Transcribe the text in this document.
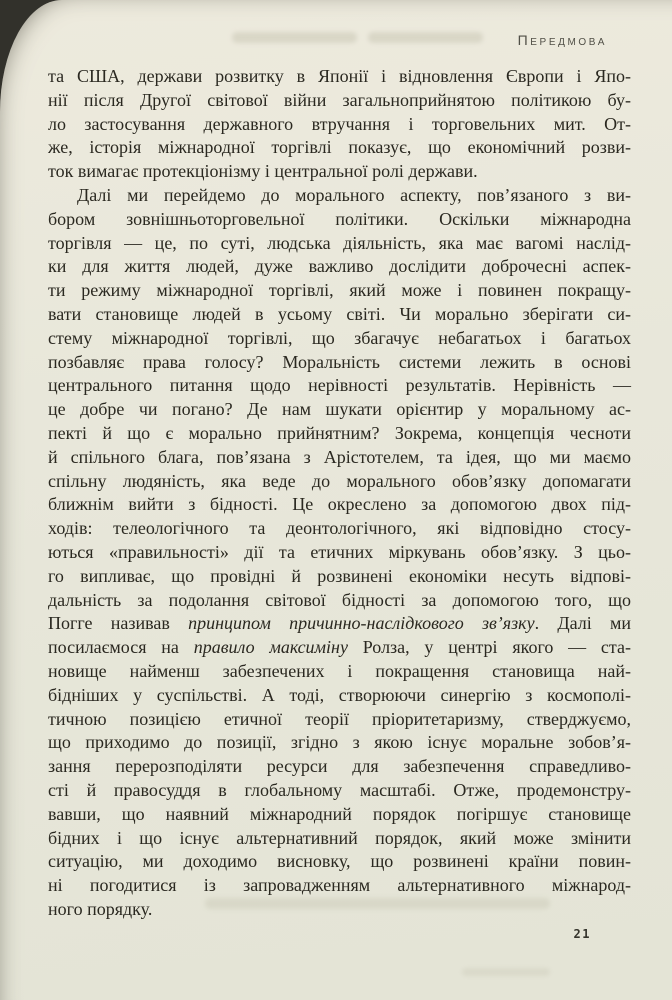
Передмова
та США, держави розвитку в Японії і відновлення Європи і Япо-
нії після Другої світової війни загальноприйнятою політикою бу-
ло застосування державного втручання і торговельних мит. От-
же, історія міжнародної торгівлі показує, що економічний розви-
ток вимагає протекціонізму і центральної ролі держави.
Далі ми перейдемо до морального аспекту, пов’язаного з ви-
бором зовнішньоторговельної політики. Оскільки міжнародна
торгівля — це, по суті, людська діяльність, яка має вагомі наслід-
ки для життя людей, дуже важливо дослідити доброчесні аспек-
ти режиму міжнародної торгівлі, який може і повинен покращу-
вати становище людей в усьому світі. Чи морально зберігати си-
стему міжнародної торгівлі, що збагачує небагатьох і багатьох
позбавляє права голосу? Моральність системи лежить в основі
центрального питання щодо нерівності результатів. Нерівність —
це добре чи погано? Де нам шукати орієнтир у моральному ас-
пекті й що є морально прийнятним? Зокрема, концепція чесноти
й спільного блага, пов’язана з Арістотелем, та ідея, що ми маємо
спільну людяність, яка веде до морального обов’язку допомагати
ближнім вийти з бідності. Це окреслено за допомогою двох під-
ходів: телеологічного та деонтологічного, які відповідно стосу-
ються «правильності» дії та етичних міркувань обов’язку. З цьо-
го випливає, що провідні й розвинені економіки несуть відпові-
дальність за подолання світової бідності за допомогою того, що
Погге називав принципом причинно-наслідкового зв’язку. Далі ми
посилаємося на правило максиміну Ролза, у центрі якого — ста-
новище найменш забезпечених і покращення становища най-
бідніших у суспільстві. А тоді, створюючи синергію з космополі-
тичною позицією етичної теорії пріоритетаризму, стверджуємо,
що приходимо до позиції, згідно з якою існує моральне зобов’я-
зання перерозподіляти ресурси для забезпечення справедливо-
сті й правосуддя в глобальному масштабі. Отже, продемонстру-
вавши, що наявний міжнародний порядок погіршує становище
бідних і що існує альтернативний порядок, який може змінити
ситуацію, ми доходимо висновку, що розвинені країни повин-
ні погодитися із запровадженням альтернативного міжнарод-
ного порядку.
21
